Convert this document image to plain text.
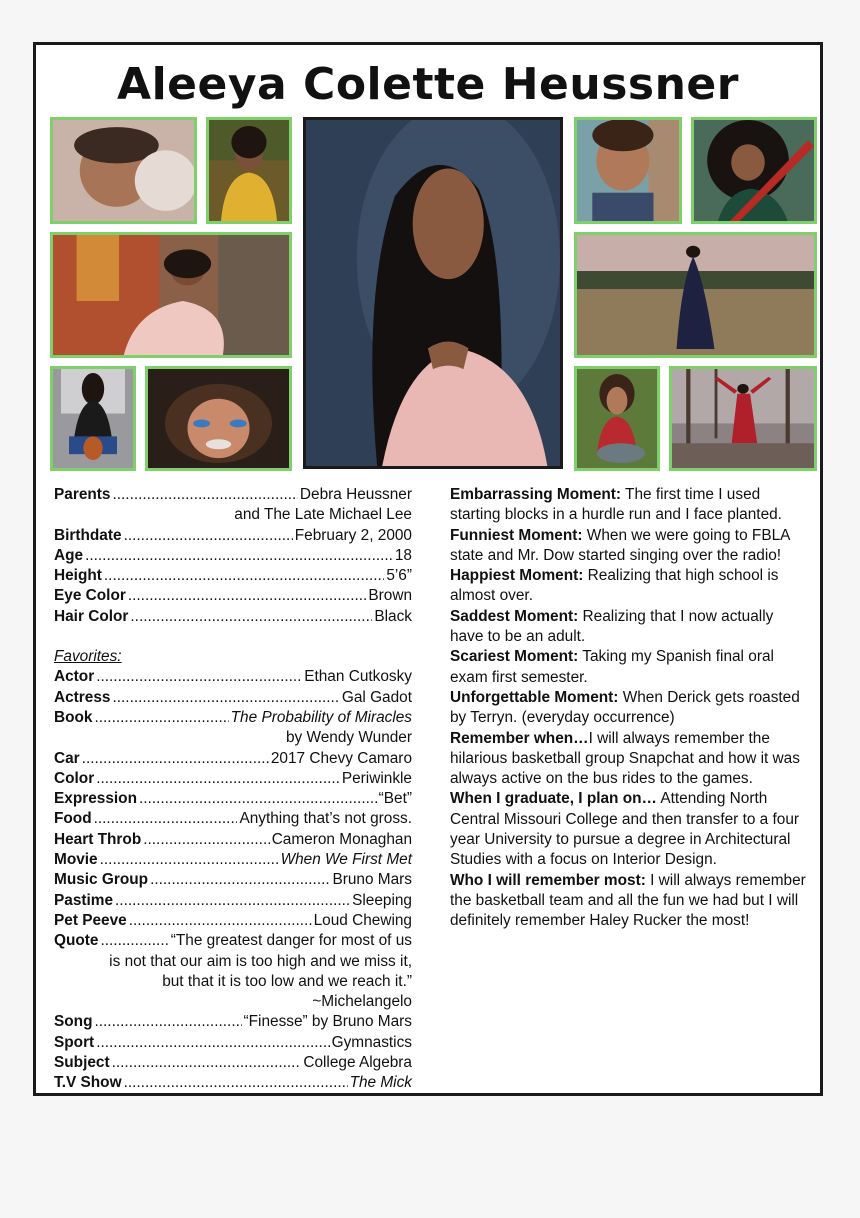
Aleeya Colette Heussner
Parents .....	Debra Heussner
and The Late Michael Lee
Birthdate .....	February 2, 2000
Age .....	18
Height .....	5’6”
Eye Color .....	Brown
Hair Color .....	Black
Favorites:
Actor .....	Ethan Cutkosky
Actress .....	Gal Gadot
Book .....	The Probability of Miracles
by Wendy Wunder
Car .....	2017 Chevy Camaro
Color .....	Periwinkle
Expression .....	“Bet”
Food .....	Anything that’s not gross.
Heart Throb .....	Cameron Monaghan
Movie .....	When We First Met
Music Group .....	Bruno Mars
Pastime .....	Sleeping
Pet Peeve .....	Loud Chewing
Quote .....	“The greatest danger for most of us
is not that our aim is too high and we miss it,
but that it is too low and we reach it.”
~Michelangelo
Song .....	“Finesse” by Bruno Mars
Sport .....	Gymnastics
Subject .....	College Algebra
T.V Show .....	The Mick

Embarrassing Moment: The first time I used starting blocks in a hurdle run and I face planted.

Funniest Moment: When we were going to FBLA state and Mr. Dow started singing over the radio!

Happiest Moment: Realizing that high school is almost over.

Saddest Moment: Realizing that I now actually have to be an adult.

Scariest Moment: Taking my Spanish final oral exam first semester.

Unforgettable Moment: When Derick gets roasted by Terryn. (everyday occurrence)

Remember when…I will always remember the hilarious basketball group Snapchat and how it was always active on the bus rides to the games.

When I graduate, I plan on… Attending North Central Missouri College and then transfer to a four year University to pursue a degree in Architectural Studies with a focus on Interior Design.

Who I will remember most: I will always remember the basketball team and all the fun we had but I will definitely remember Haley Rucker the most!
